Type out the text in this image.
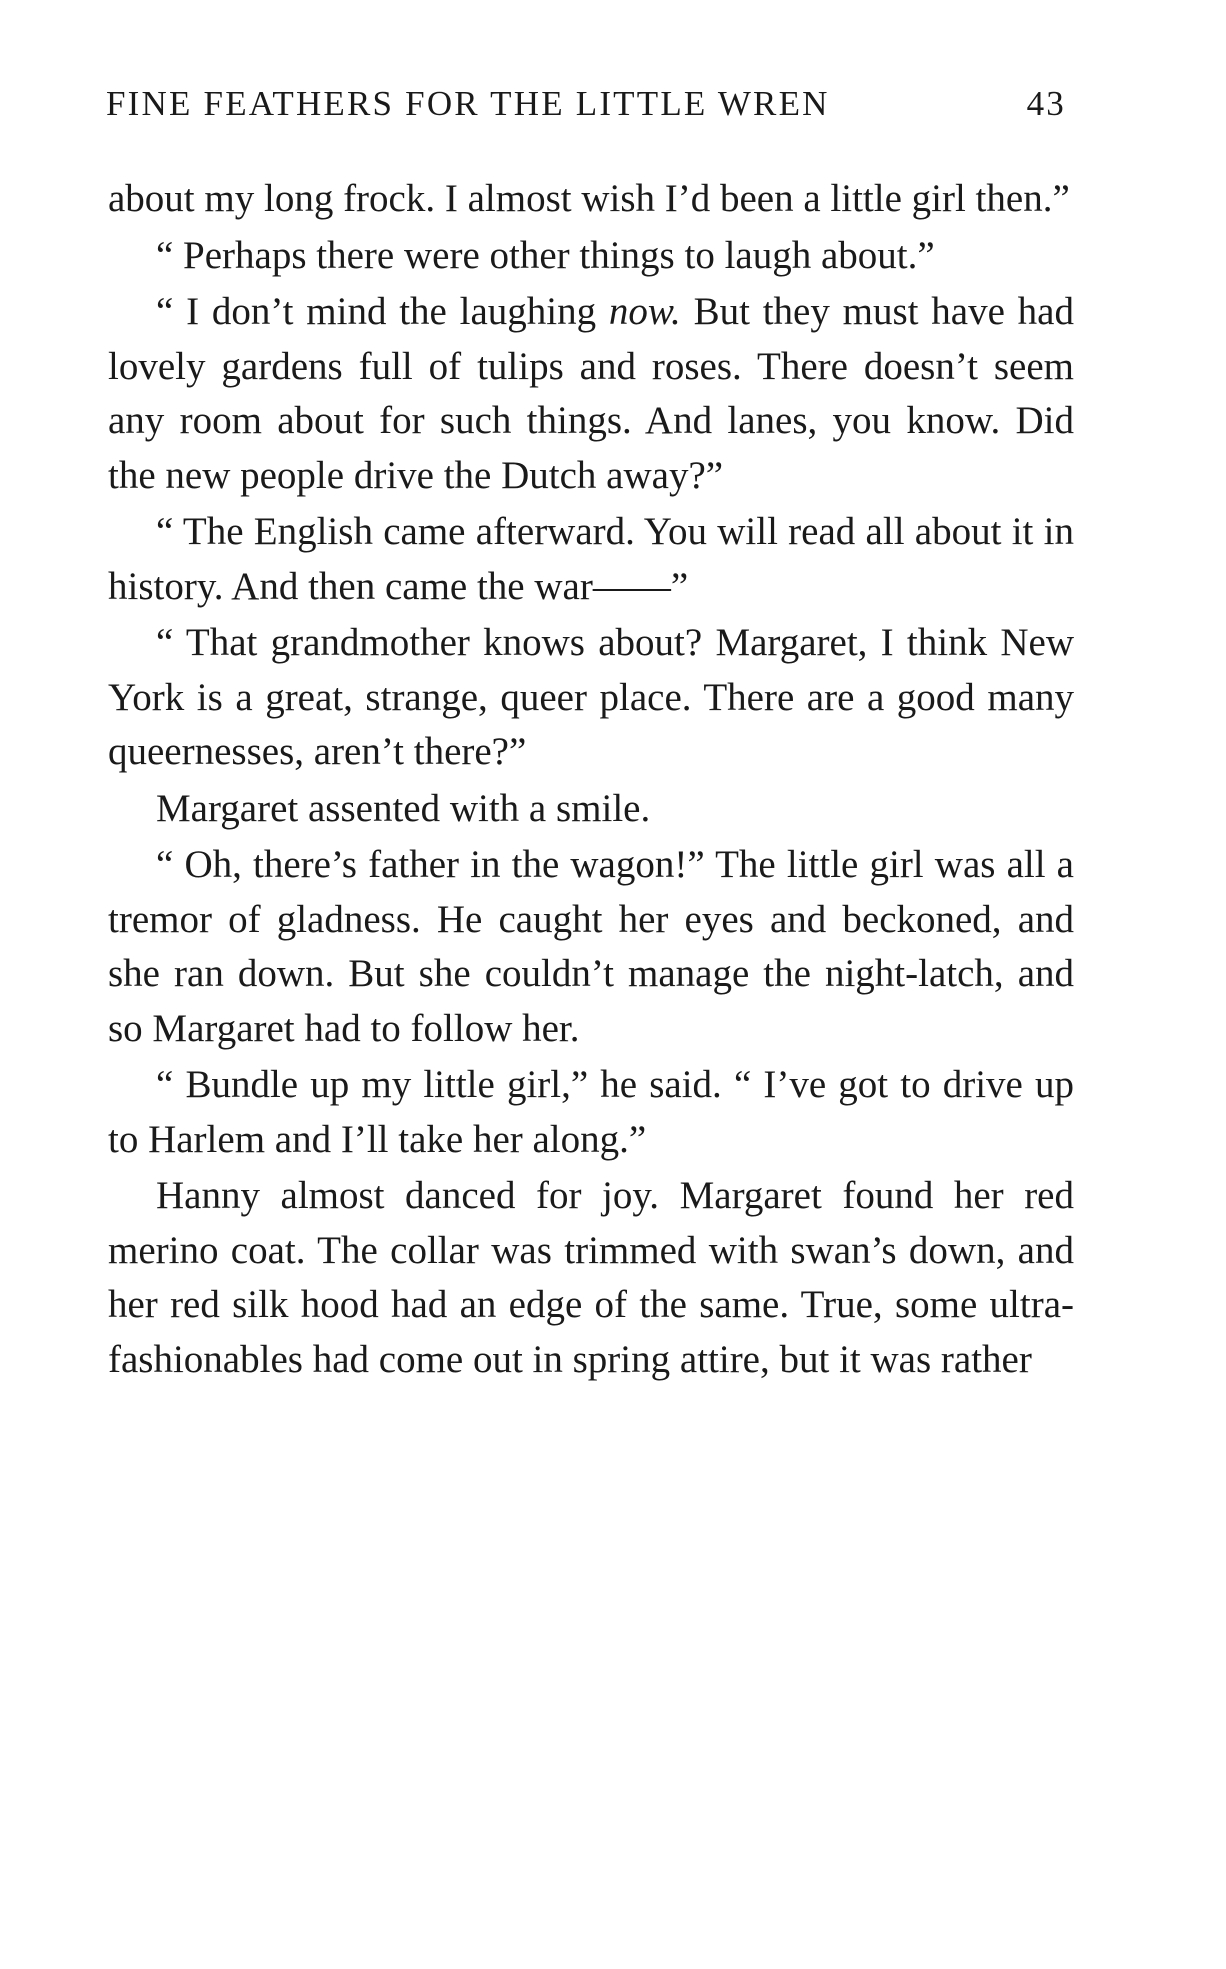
FINE FEATHERS FOR THE LITTLE WREN	43

about my long frock. I almost wish I’d been a little girl then.”

“ Perhaps there were other things to laugh about.”

“ I don’t mind the laughing now. But they must have had lovely gardens full of tulips and roses. There doesn’t seem any room about for such things. And lanes, you know. Did the new people drive the Dutch away?”

“ The English came afterward. You will read all about it in history. And then came the war——”

“ That grandmother knows about? Margaret, I think New York is a great, strange, queer place. There are a good many queernesses, aren’t there?”

Margaret assented with a smile.

“ Oh, there’s father in the wagon!” The little girl was all a tremor of gladness. He caught her eyes and beckoned, and she ran down. But she couldn’t manage the night-latch, and so Margaret had to follow her.

“ Bundle up my little girl,” he said. “ I’ve got to drive up to Harlem and I’ll take her along.”

Hanny almost danced for joy. Margaret found her red merino coat. The collar was trimmed with swan’s down, and her red silk hood had an edge of the same. True, some ultra-fashionables had come out in spring attire, but it was rather
